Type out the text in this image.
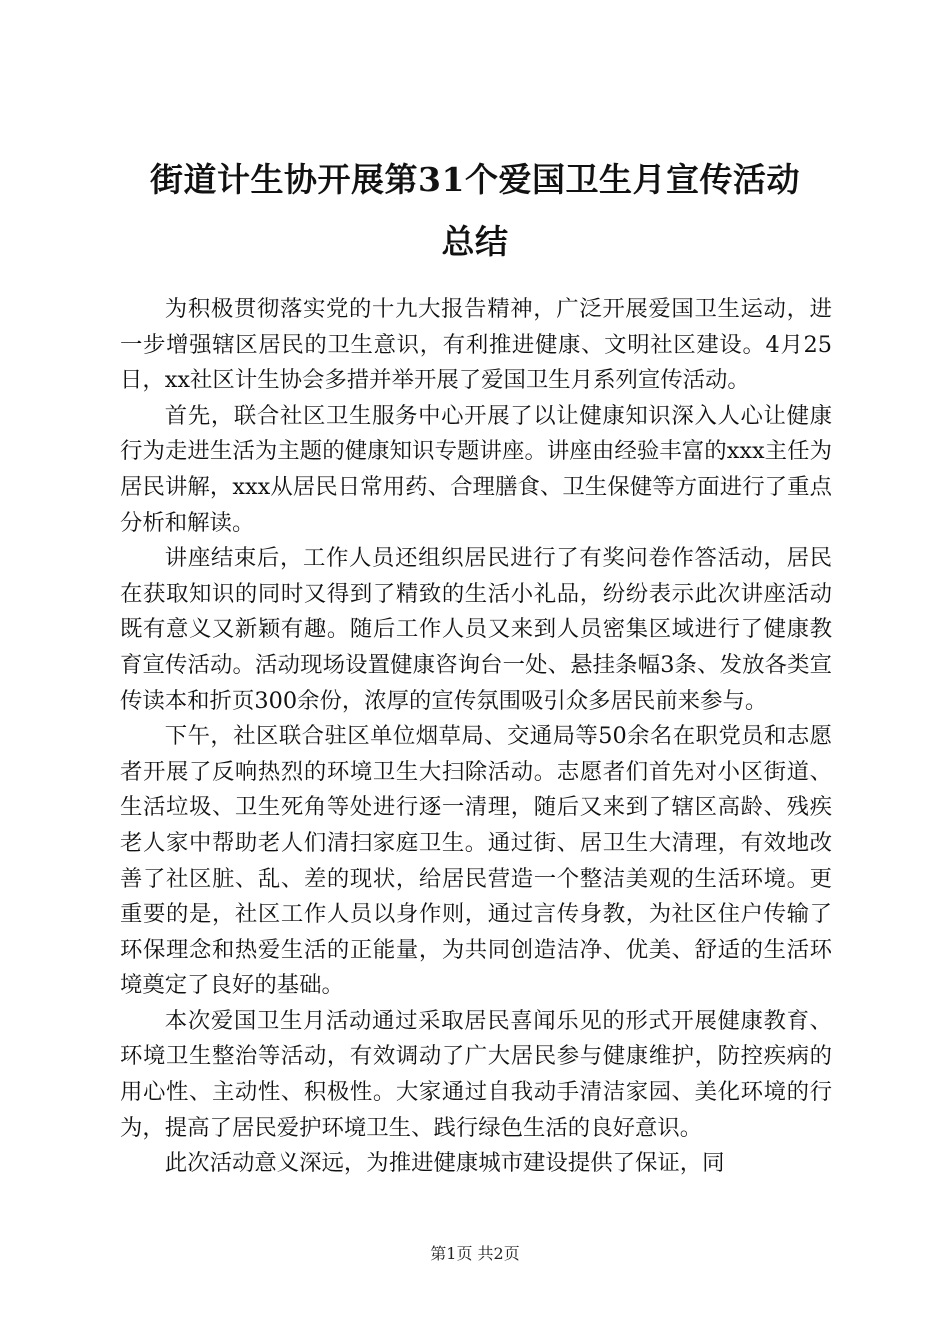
街道计生协开展第31个爱国卫生月宣传活动
总结

为积极贯彻落实党的十九大报告精神，广泛开展爱国卫生运动，进一步增强辖区居民的卫生意识，有利推进健康、文明社区建设。4月25日，xx社区计生协会多措并举开展了爱国卫生月系列宣传活动。

首先，联合社区卫生服务中心开展了以让健康知识深入人心让健康行为走进生活为主题的健康知识专题讲座。讲座由经验丰富的xxx主任为居民讲解，xxx从居民日常用药、合理膳食、卫生保健等方面进行了重点分析和解读。

讲座结束后，工作人员还组织居民进行了有奖问卷作答活动，居民在获取知识的同时又得到了精致的生活小礼品，纷纷表示此次讲座活动既有意义又新颖有趣。随后工作人员又来到人员密集区域进行了健康教育宣传活动。活动现场设置健康咨询台一处、悬挂条幅3条、发放各类宣传读本和折页300余份，浓厚的宣传氛围吸引众多居民前来参与。

下午，社区联合驻区单位烟草局、交通局等50余名在职党员和志愿者开展了反响热烈的环境卫生大扫除活动。志愿者们首先对小区街道、生活垃圾、卫生死角等处进行逐一清理，随后又来到了辖区高龄、残疾老人家中帮助老人们清扫家庭卫生。通过街、居卫生大清理，有效地改善了社区脏、乱、差的现状，给居民营造一个整洁美观的生活环境。更重要的是，社区工作人员以身作则，通过言传身教，为社区住户传输了环保理念和热爱生活的正能量，为共同创造洁净、优美、舒适的生活环境奠定了良好的基础。

本次爱国卫生月活动通过采取居民喜闻乐见的形式开展健康教育、环境卫生整治等活动，有效调动了广大居民参与健康维护，防控疾病的用心性、主动性、积极性。大家通过自我动手清洁家园、美化环境的行为，提高了居民爱护环境卫生、践行绿色生活的良好意识。

此次活动意义深远，为推进健康城市建设提供了保证，同

第1页 共2页
